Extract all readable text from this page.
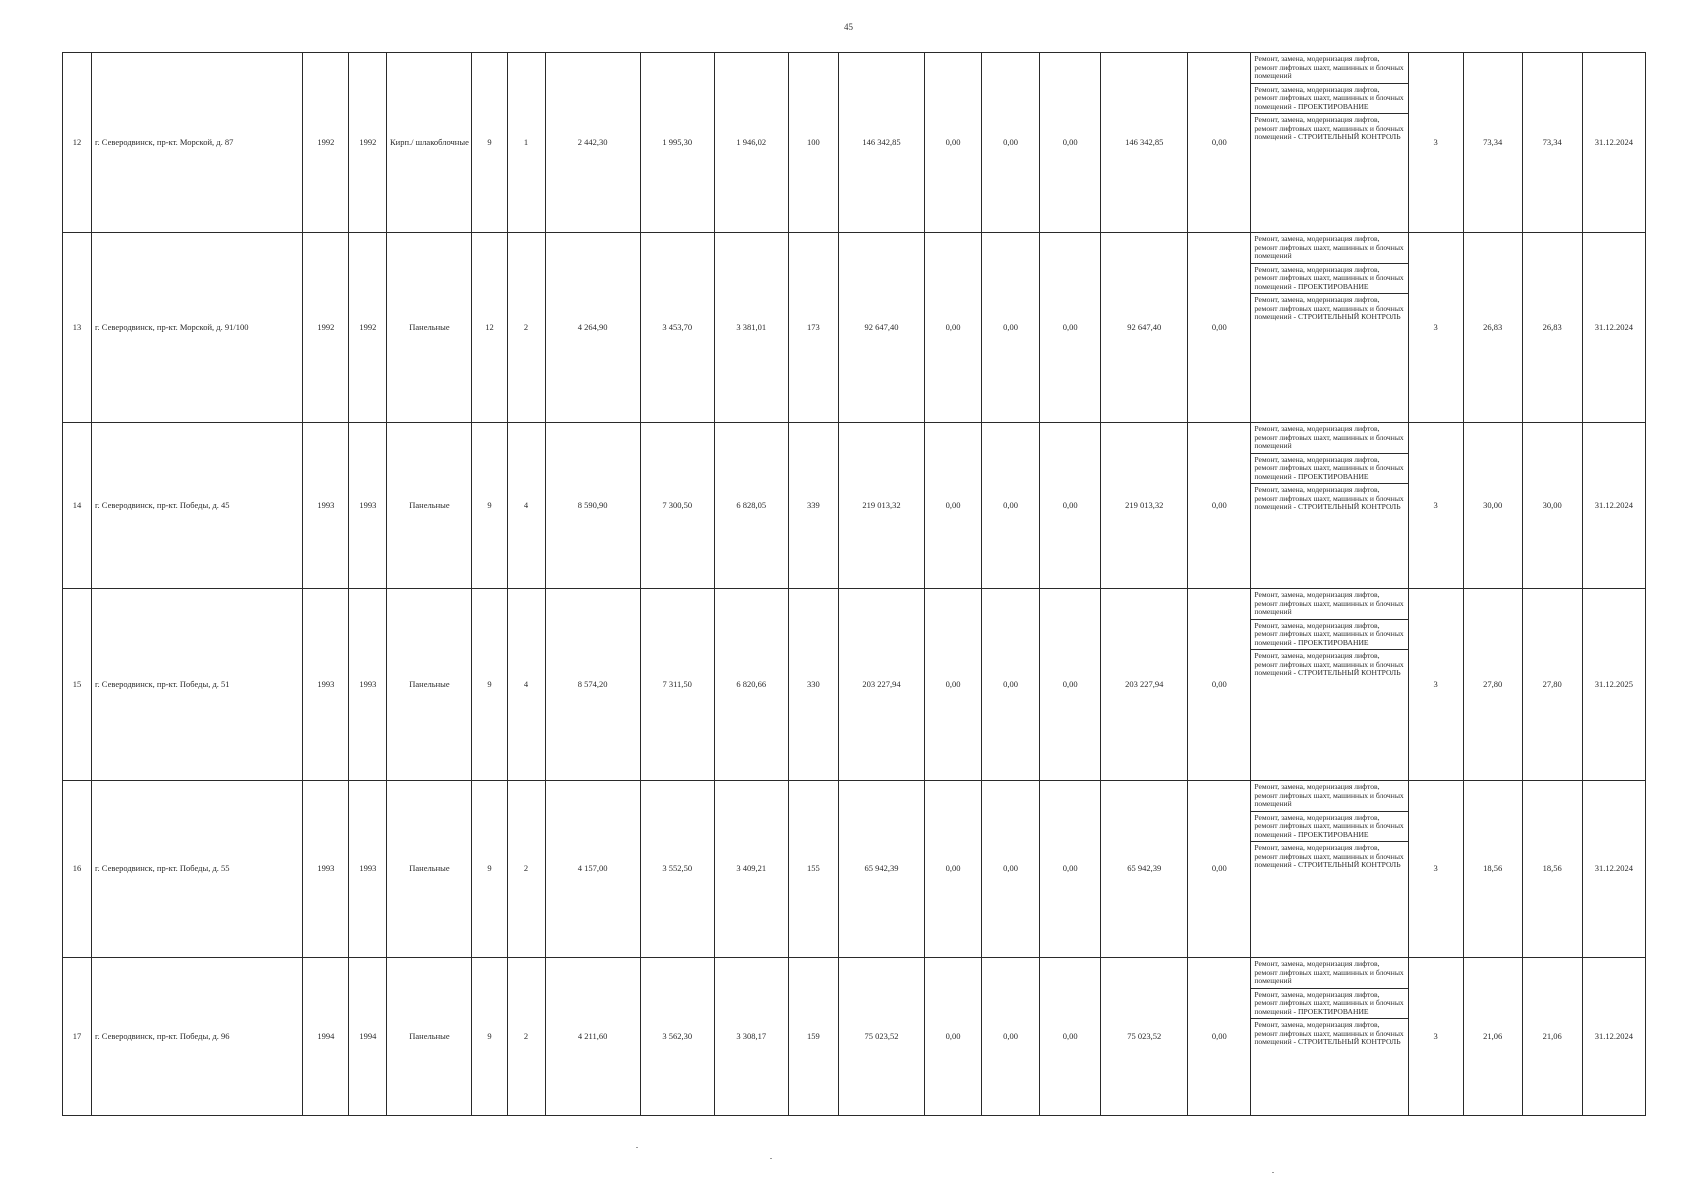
45
12	г. Северодвинск, пр-кт. Морской, д. 87	1992	1992	Кирп./ шлакоблочные	9	1	2 442,30	1 995,30	1 946,02	100	146 342,85	0,00	0,00	0,00	146 342,85	0,00	Ремонт, замена, модернизация лифтов, ремонт лифтовых шахт, машинных и блочных помещений
Ремонт, замена, модернизация лифтов, ремонт лифтовых шахт, машинных и блочных помещений - ПРОЕКТИРОВАНИЕ
Ремонт, замена, модернизация лифтов, ремонт лифтовых шахт, машинных и блочных помещений - СТРОИТЕЛЬНЫЙ КОНТРОЛЬ	3	73,34	73,34	31.12.2024
13	г. Северодвинск, пр-кт. Морской, д. 91/100	1992	1992	Панельные	12	2	4 264,90	3 453,70	3 381,01	173	92 647,40	0,00	0,00	0,00	92 647,40	0,00	Ремонт, замена, модернизация лифтов, ремонт лифтовых шахт, машинных и блочных помещений
Ремонт, замена, модернизация лифтов, ремонт лифтовых шахт, машинных и блочных помещений - ПРОЕКТИРОВАНИЕ
Ремонт, замена, модернизация лифтов, ремонт лифтовых шахт, машинных и блочных помещений - СТРОИТЕЛЬНЫЙ КОНТРОЛЬ	3	26,83	26,83	31.12.2024
14	г. Северодвинск, пр-кт. Победы, д. 45	1993	1993	Панельные	9	4	8 590,90	7 300,50	6 828,05	339	219 013,32	0,00	0,00	0,00	219 013,32	0,00	Ремонт, замена, модернизация лифтов, ремонт лифтовых шахт, машинных и блочных помещений
Ремонт, замена, модернизация лифтов, ремонт лифтовых шахт, машинных и блочных помещений - ПРОЕКТИРОВАНИЕ
Ремонт, замена, модернизация лифтов, ремонт лифтовых шахт, машинных и блочных помещений - СТРОИТЕЛЬНЫЙ КОНТРОЛЬ	3	30,00	30,00	31.12.2024
15	г. Северодвинск, пр-кт. Победы, д. 51	1993	1993	Панельные	9	4	8 574,20	7 311,50	6 820,66	330	203 227,94	0,00	0,00	0,00	203 227,94	0,00	Ремонт, замена, модернизация лифтов, ремонт лифтовых шахт, машинных и блочных помещений
Ремонт, замена, модернизация лифтов, ремонт лифтовых шахт, машинных и блочных помещений - ПРОЕКТИРОВАНИЕ
Ремонт, замена, модернизация лифтов, ремонт лифтовых шахт, машинных и блочных помещений - СТРОИТЕЛЬНЫЙ КОНТРОЛЬ	3	27,80	27,80	31.12.2025
16	г. Северодвинск, пр-кт. Победы, д. 55	1993	1993	Панельные	9	2	4 157,00	3 552,50	3 409,21	155	65 942,39	0,00	0,00	0,00	65 942,39	0,00	Ремонт, замена, модернизация лифтов, ремонт лифтовых шахт, машинных и блочных помещений
Ремонт, замена, модернизация лифтов, ремонт лифтовых шахт, машинных и блочных помещений - ПРОЕКТИРОВАНИЕ
Ремонт, замена, модернизация лифтов, ремонт лифтовых шахт, машинных и блочных помещений - СТРОИТЕЛЬНЫЙ КОНТРОЛЬ	3	18,56	18,56	31.12.2024
17	г. Северодвинск, пр-кт. Победы, д. 96	1994	1994	Панельные	9	2	4 211,60	3 562,30	3 308,17	159	75 023,52	0,00	0,00	0,00	75 023,52	0,00	Ремонт, замена, модернизация лифтов, ремонт лифтовых шахт, машинных и блочных помещений
Ремонт, замена, модернизация лифтов, ремонт лифтовых шахт, машинных и блочных помещений - ПРОЕКТИРОВАНИЕ
Ремонт, замена, модернизация лифтов, ремонт лифтовых шахт, машинных и блочных помещений - СТРОИТЕЛЬНЫЙ КОНТРОЛЬ	3	21,06	21,06	31.12.2024
